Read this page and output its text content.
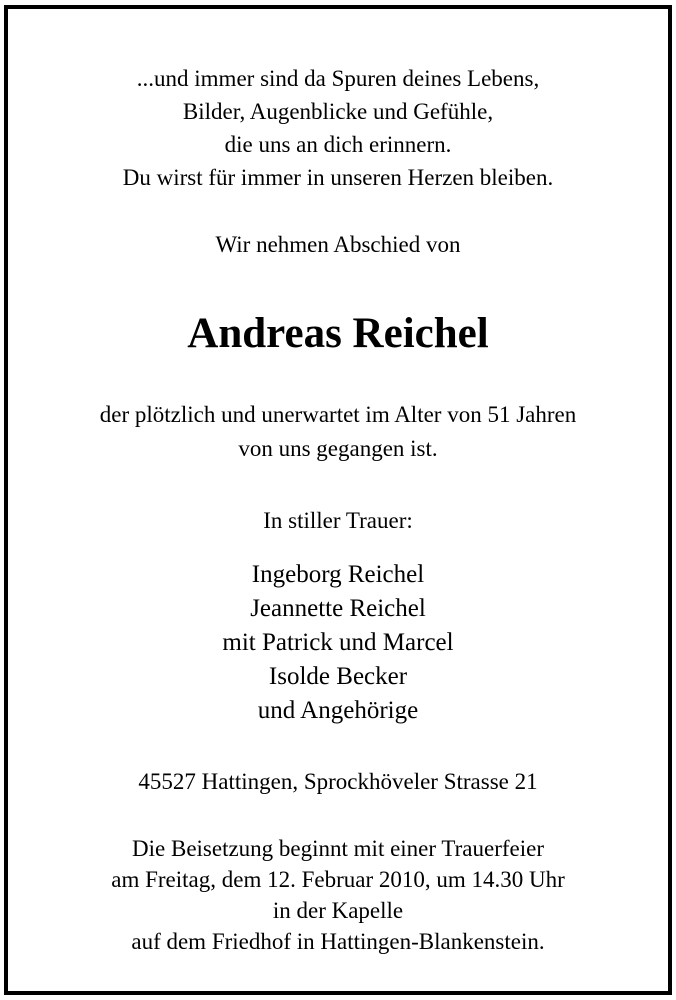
...und immer sind da Spuren deines Lebens,
Bilder, Augenblicke und Gefühle,
die uns an dich erinnern.
Du wirst für immer in unseren Herzen bleiben.
Wir nehmen Abschied von
Andreas Reichel
der plötzlich und unerwartet im Alter von 51 Jahren
von uns gegangen ist.
In stiller Trauer:
Ingeborg Reichel
Jeannette Reichel
mit Patrick und Marcel
Isolde Becker
und Angehörige
45527 Hattingen, Sprockhöveler Strasse 21
Die Beisetzung beginnt mit einer Trauerfeier
am Freitag, dem 12. Februar 2010, um 14.30 Uhr
in der Kapelle
auf dem Friedhof in Hattingen-Blankenstein.
